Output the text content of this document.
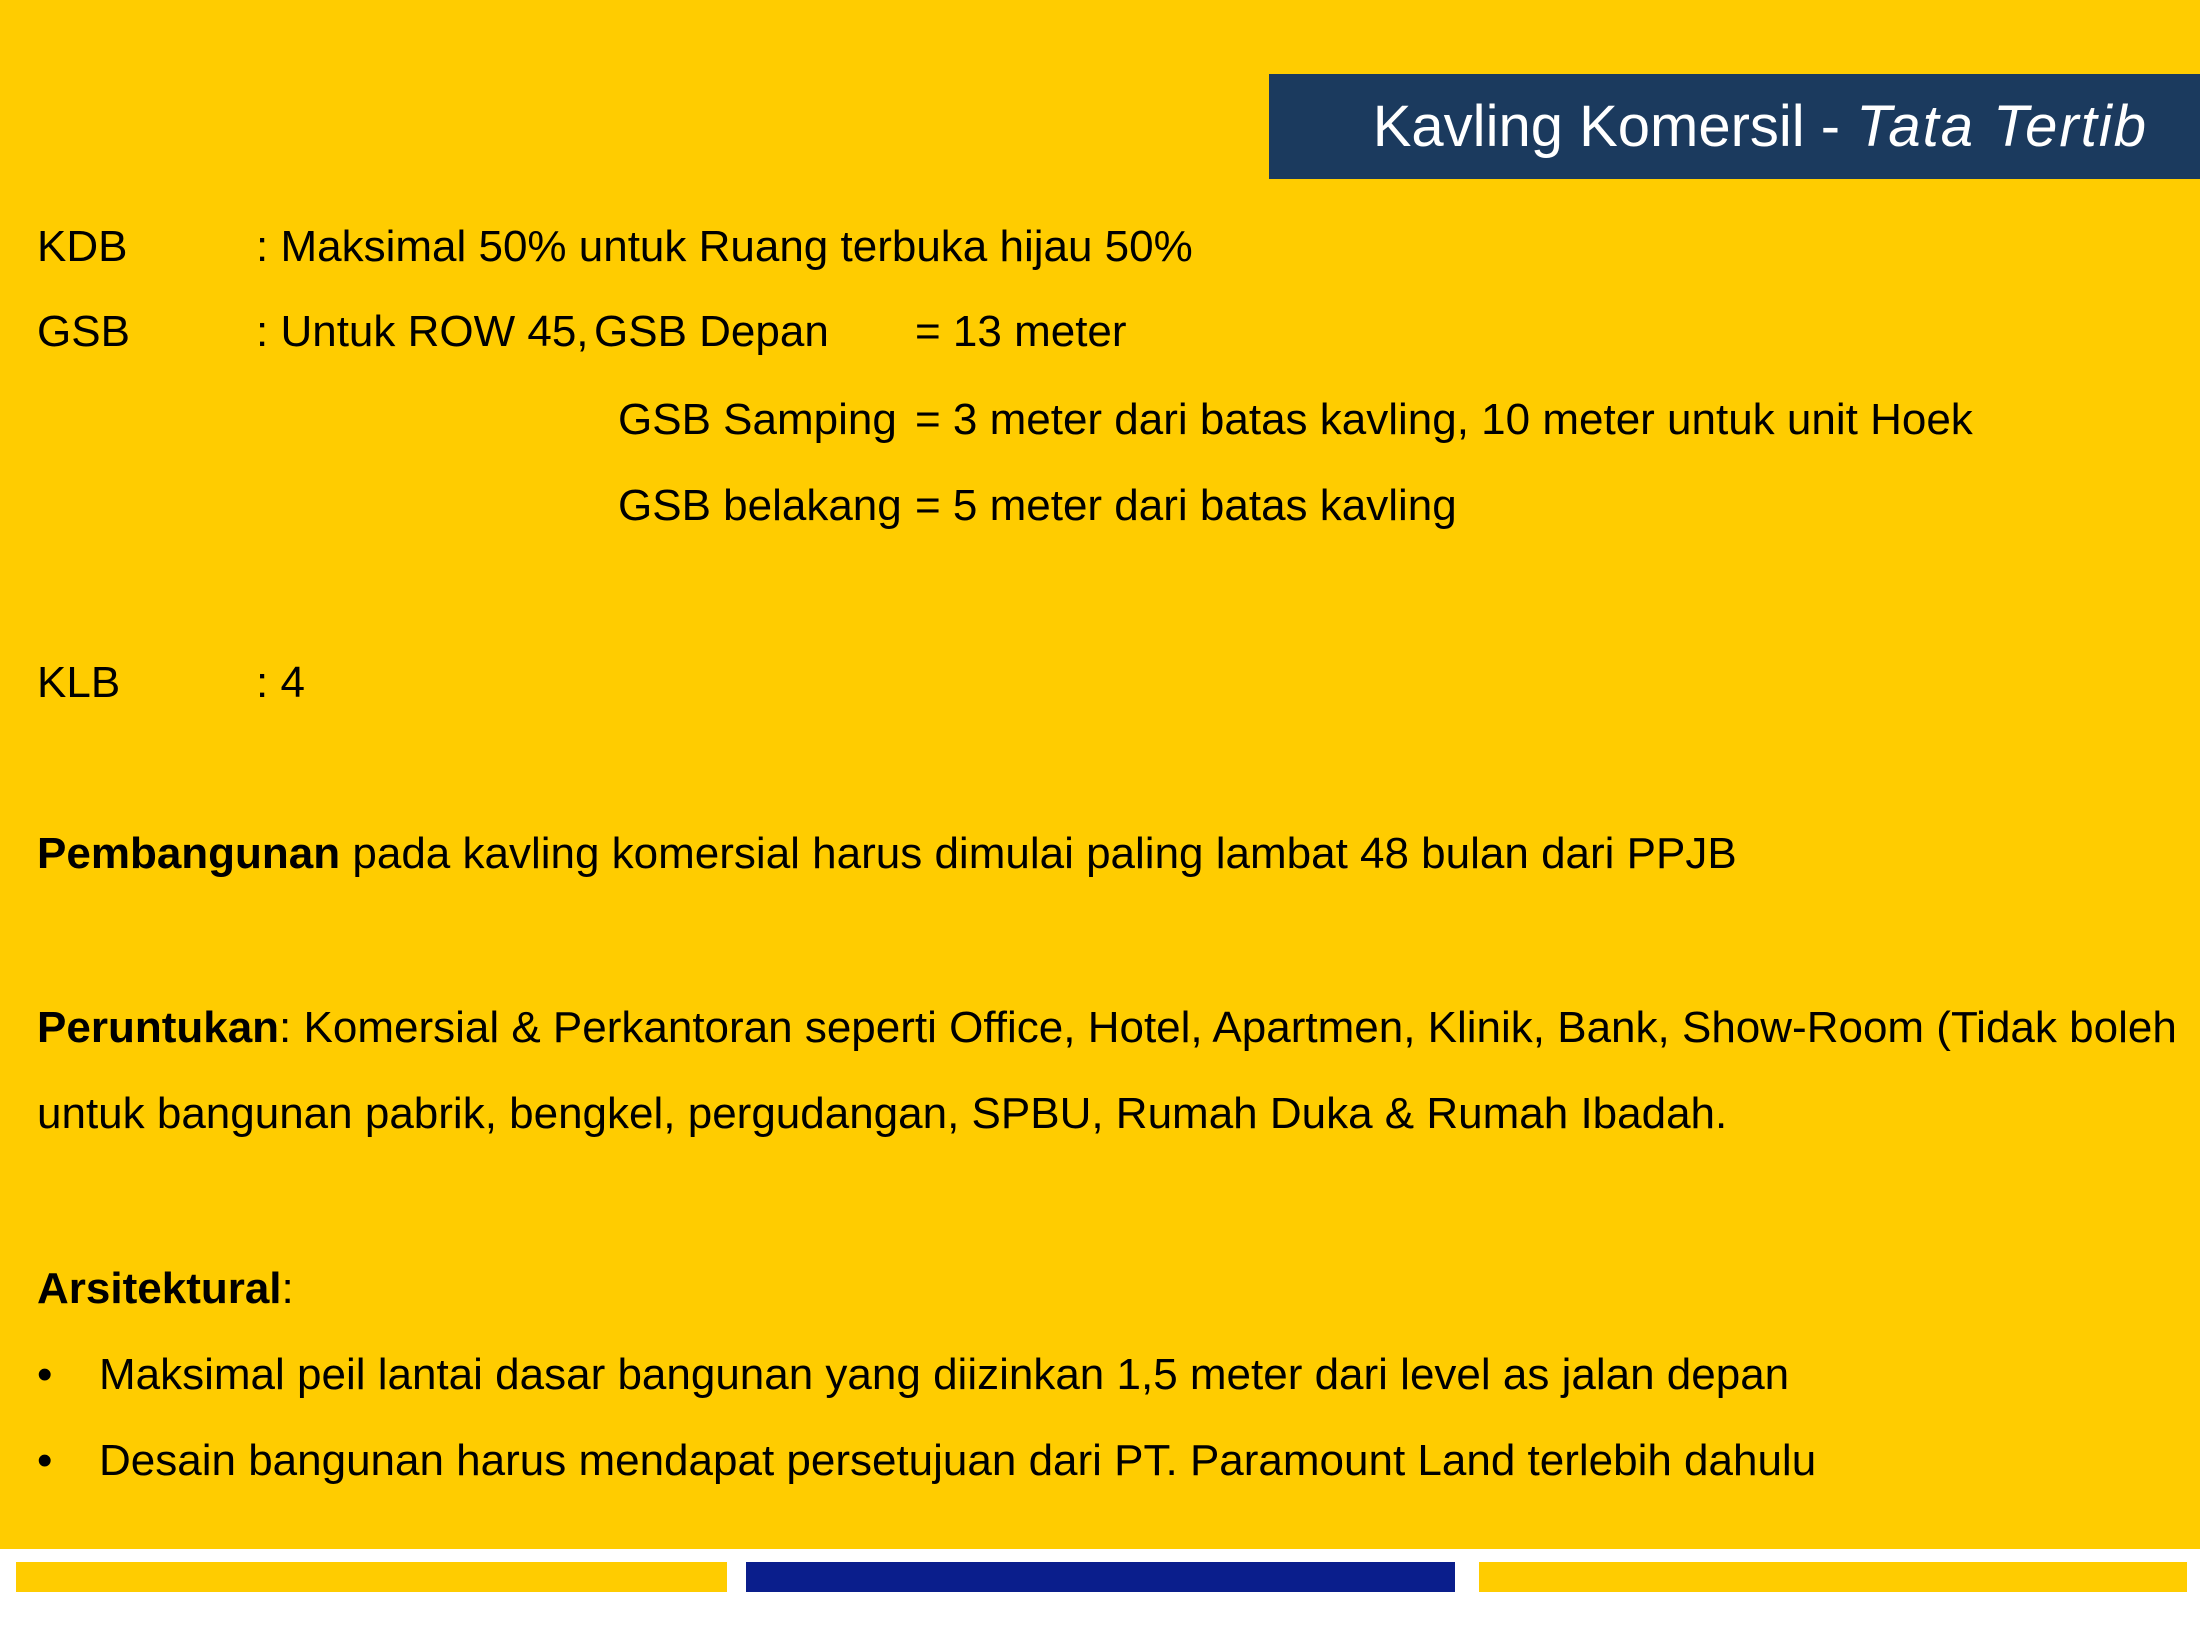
Kavling Komersil - Tata Tertib
KDB	: Maksimal 50% untuk Ruang terbuka hijau 50%
GSB	: Untuk ROW 45, GSB Depan = 13 meter
GSB Samping = 3 meter dari batas kavling, 10 meter untuk unit Hoek
GSB belakang = 5 meter dari batas kavling
KLB	: 4
Pembangunan pada kavling komersial harus dimulai paling lambat 48 bulan dari PPJB
Peruntukan: Komersial & Perkantoran seperti Office, Hotel, Apartmen, Klinik, Bank, Show-Room (Tidak boleh
untuk bangunan pabrik, bengkel, pergudangan, SPBU, Rumah Duka & Rumah Ibadah.
Arsitektural:
• Maksimal peil lantai dasar bangunan yang diizinkan 1,5 meter dari level as jalan depan
• Desain bangunan harus mendapat persetujuan dari PT. Paramount Land terlebih dahulu
